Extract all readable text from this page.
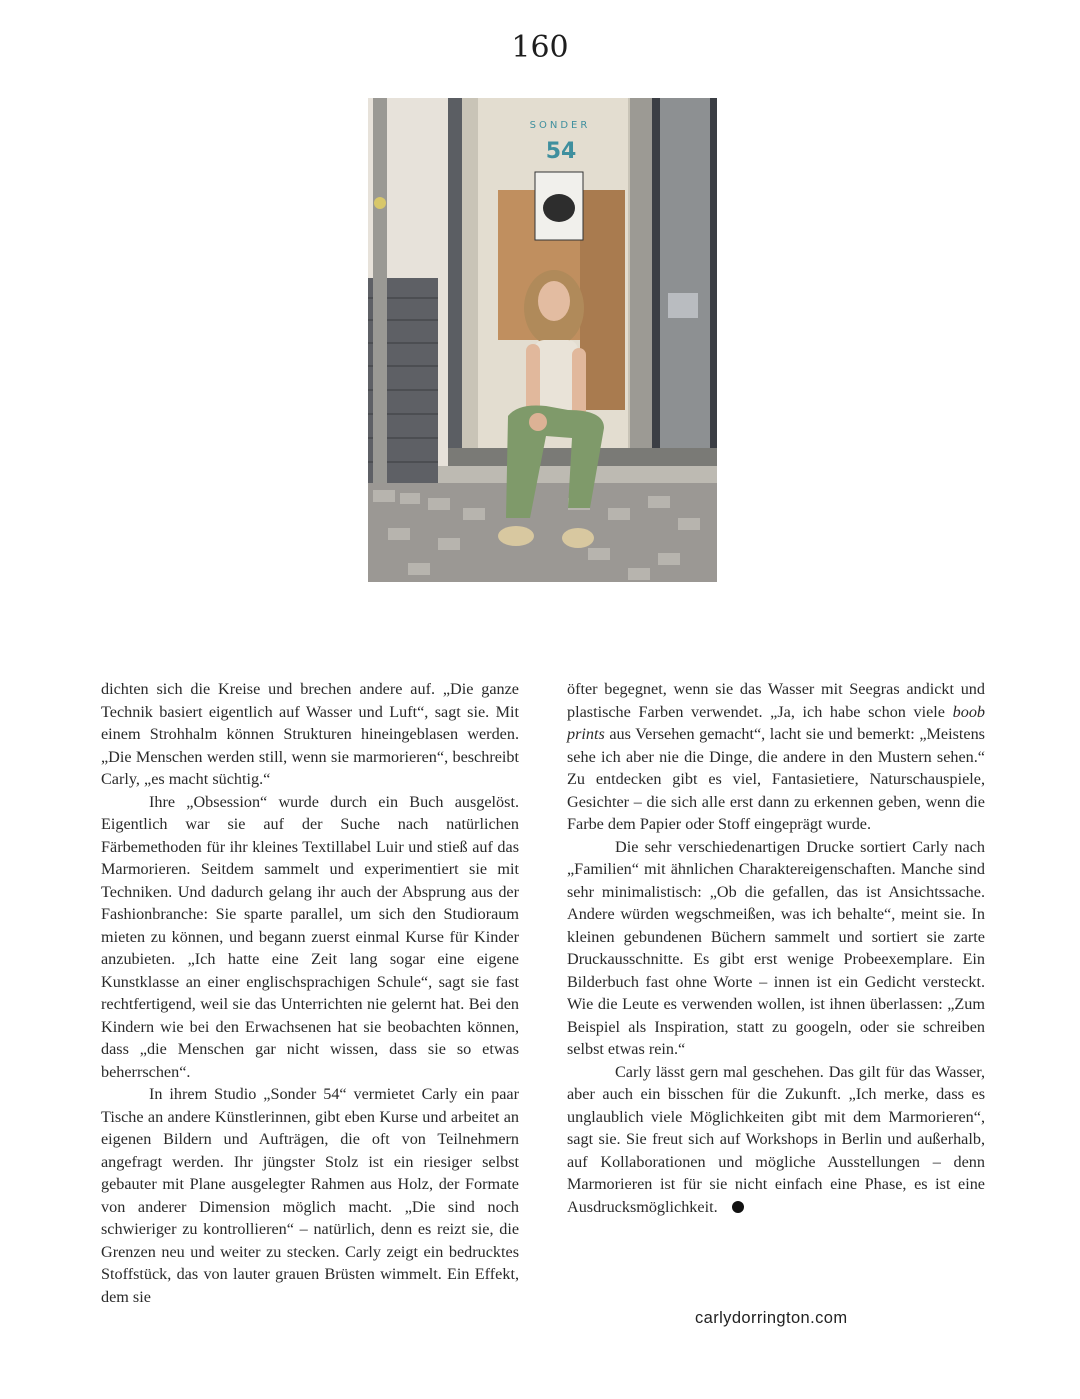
160
SONDER
54

dichten sich die Kreise und brechen andere auf. „Die ganze Technik basiert eigentlich auf Wasser und Luft“, sagt sie. Mit einem Strohhalm können Strukturen hineingeblasen werden. „Die Menschen werden still, wenn sie marmorieren“, beschreibt Carly, „es macht süchtig.“

Ihre „Obsession“ wurde durch ein Buch ausgelöst. Eigentlich war sie auf der Suche nach natürlichen Färbemethoden für ihr kleines Textillabel Luir und stieß auf das Marmorieren. Seitdem sammelt und experimentiert sie mit Techniken. Und dadurch gelang ihr auch der Absprung aus der Fashionbranche: Sie sparte parallel, um sich den Studioraum mieten zu können, und begann zuerst einmal Kurse für Kinder anzubieten. „Ich hatte eine Zeit lang sogar eine eigene Kunstklasse an einer englischsprachigen Schule“, sagt sie fast rechtfertigend, weil sie das Unterrichten nie gelernt hat. Bei den Kindern wie bei den Erwachsenen hat sie beobachten können, dass „die Menschen gar nicht wissen, dass sie so etwas beherrschen“.

In ihrem Studio „Sonder 54“ vermietet Carly ein paar Tische an andere Künstlerinnen, gibt eben Kurse und arbeitet an eigenen Bildern und Aufträgen, die oft von Teilnehmern angefragt werden. Ihr jüngster Stolz ist ein riesiger selbst gebauter mit Plane ausgelegter Rahmen aus Holz, der Formate von anderer Dimension möglich macht. „Die sind noch schwieriger zu kontrollieren“ – natürlich, denn es reizt sie, die Grenzen neu und weiter zu stecken. Carly zeigt ein bedrucktes Stoffstück, das von lauter grauen Brüsten wimmelt. Ein Effekt, dem sie

öfter begegnet, wenn sie das Wasser mit Seegras andickt und plastische Farben verwendet. „Ja, ich habe schon viele boob prints aus Versehen gemacht“, lacht sie und bemerkt: „Meistens sehe ich aber nie die Dinge, die andere in den Mustern sehen.“ Zu entdecken gibt es viel, Fantasietiere, Naturschauspiele, Gesichter – die sich alle erst dann zu erkennen geben, wenn die Farbe dem Papier oder Stoff eingeprägt wurde.

Die sehr verschiedenartigen Drucke sortiert Carly nach „Familien“ mit ähnlichen Charaktereigenschaften. Manche sind sehr minimalistisch: „Ob die gefallen, das ist Ansichtssache. Andere würden wegschmeißen, was ich behalte“, meint sie. In kleinen gebundenen Büchern sammelt und sortiert sie zarte Druckausschnitte. Es gibt erst wenige Probeexemplare. Ein Bilderbuch fast ohne Worte – innen ist ein Gedicht versteckt. Wie die Leute es verwenden wollen, ist ihnen überlassen: „Zum Beispiel als Inspiration, statt zu googeln, oder sie schreiben selbst etwas rein.“

Carly lässt gern mal geschehen. Das gilt für das Wasser, aber auch ein bisschen für die Zukunft. „Ich merke, dass es unglaublich viele Möglichkeiten gibt mit dem Marmorieren“, sagt sie. Sie freut sich auf Workshops in Berlin und außerhalb, auf Kollaborationen und mögliche Ausstellungen – denn Marmorieren ist für sie nicht einfach eine Phase, es ist eine Ausdrucksmöglichkeit.

carlydorrington.com
